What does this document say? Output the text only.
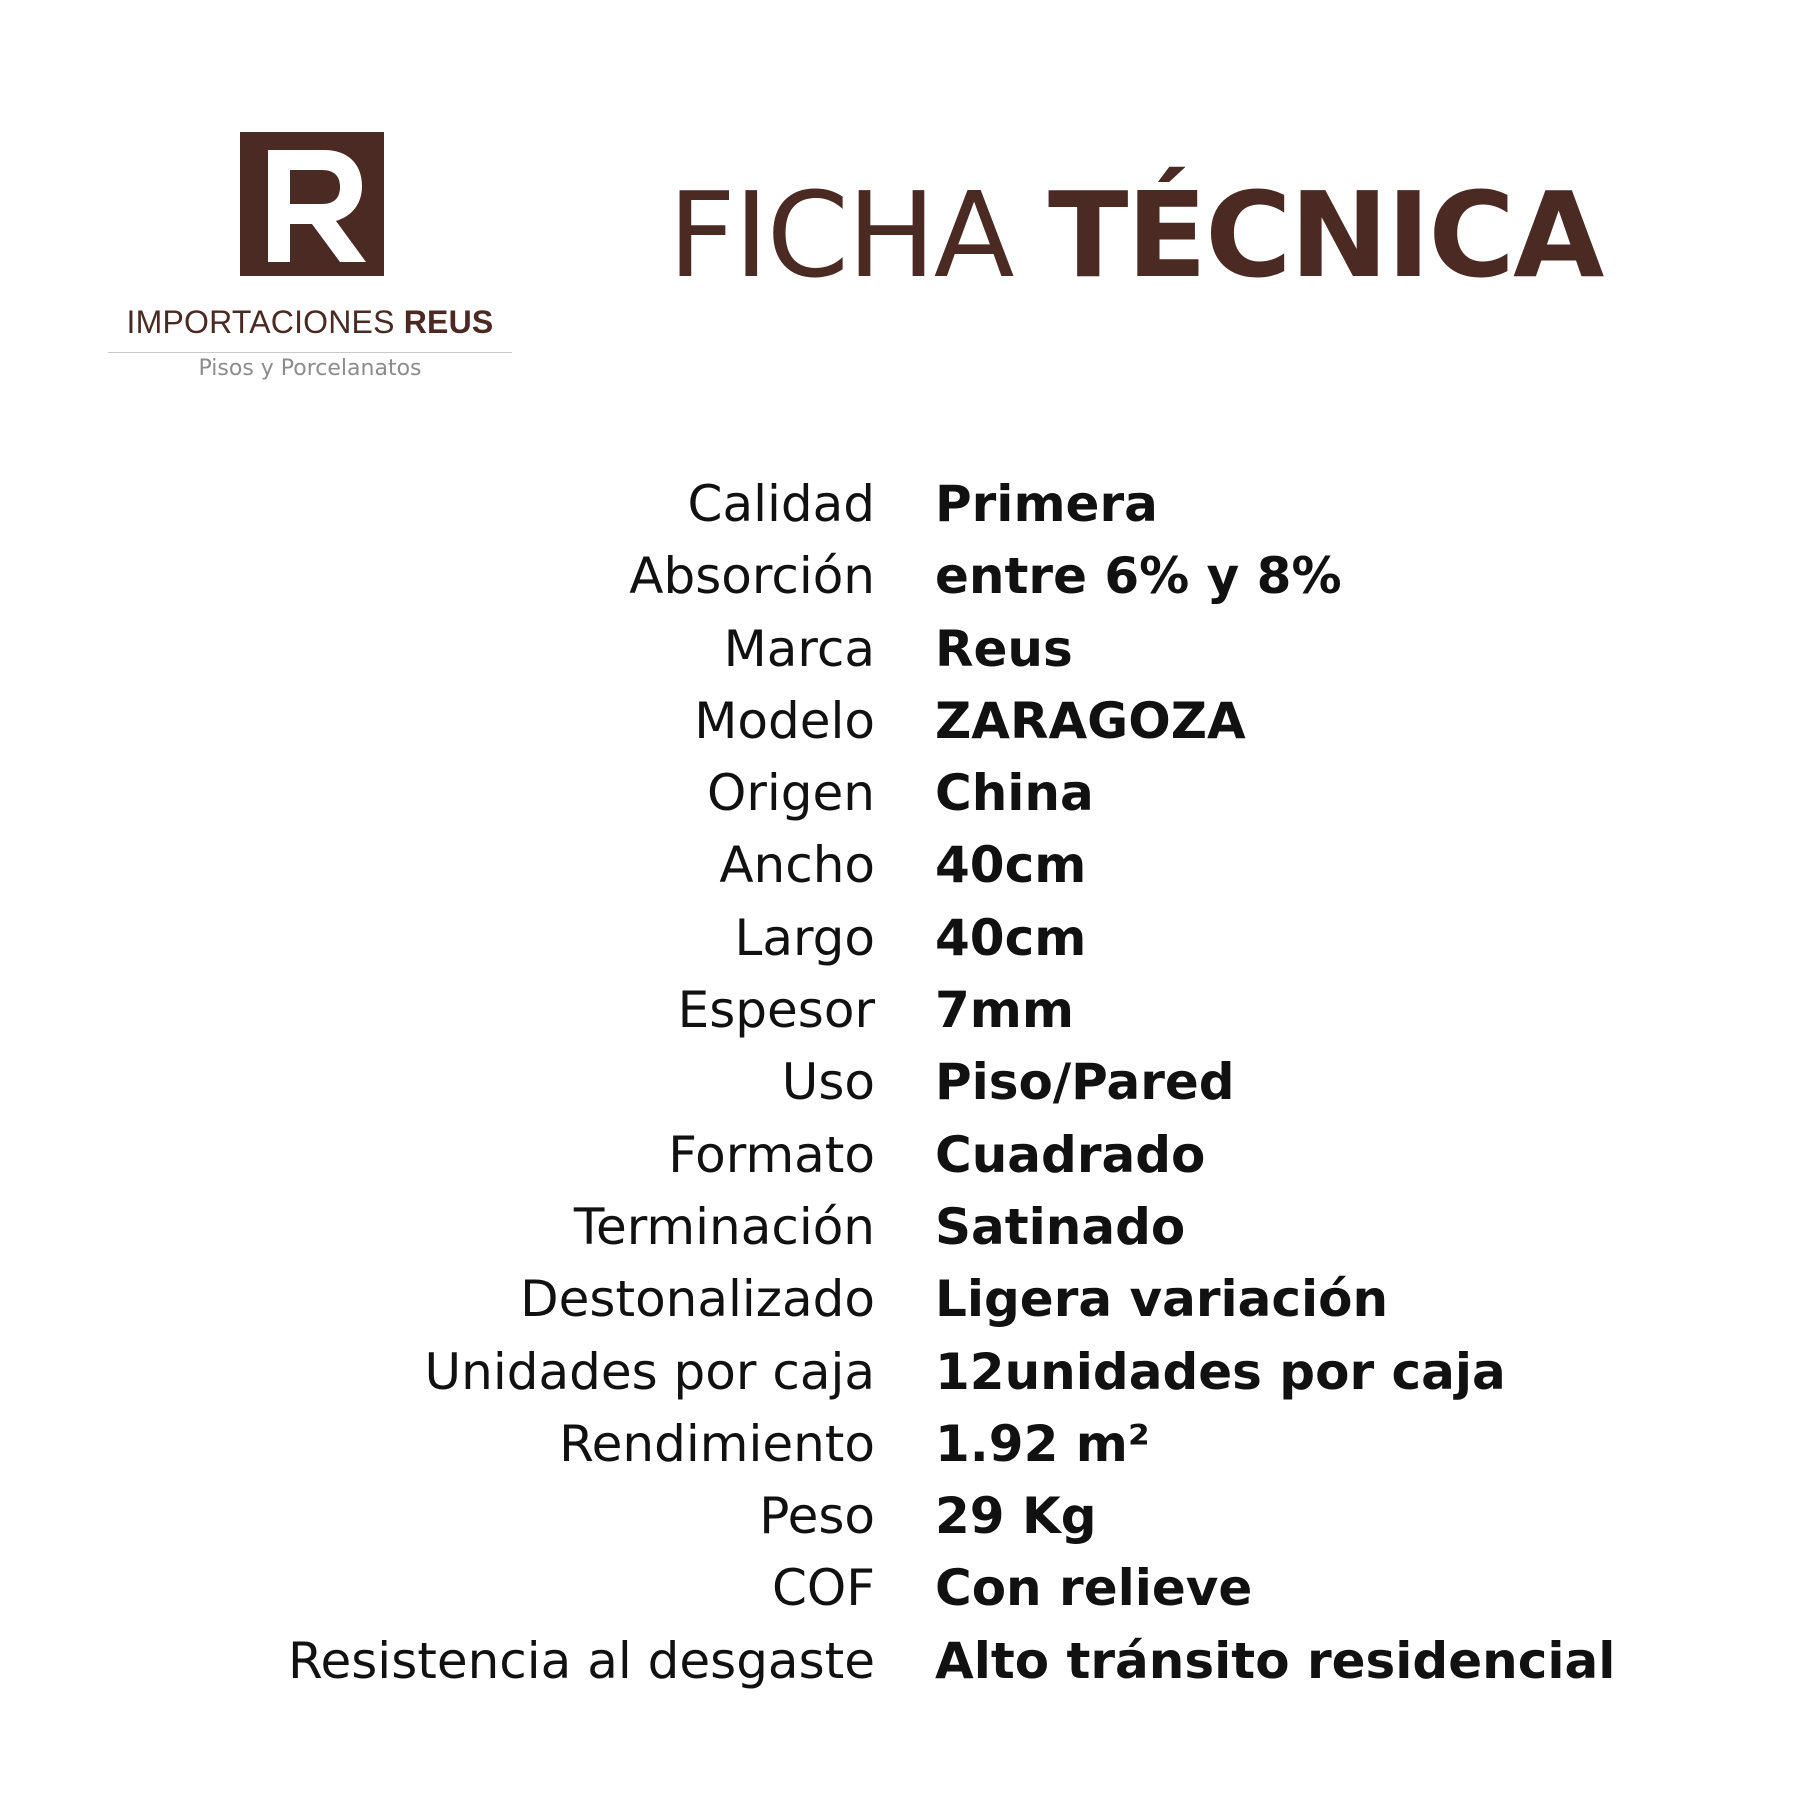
IMPORTACIONES REUS
Pisos y Porcelanatos
FICHA TÉCNICA
Calidad Primera
Absorción entre 6% y 8%
Marca Reus
Modelo ZARAGOZA
Origen China
Ancho 40cm
Largo 40cm
Espesor 7mm
Uso Piso/Pared
Formato Cuadrado
Terminación Satinado
Destonalizado Ligera variación
Unidades por caja 12unidades por caja
Rendimiento 1.92 m²
Peso 29 Kg
COF Con relieve
Resistencia al desgaste Alto tránsito residencial
